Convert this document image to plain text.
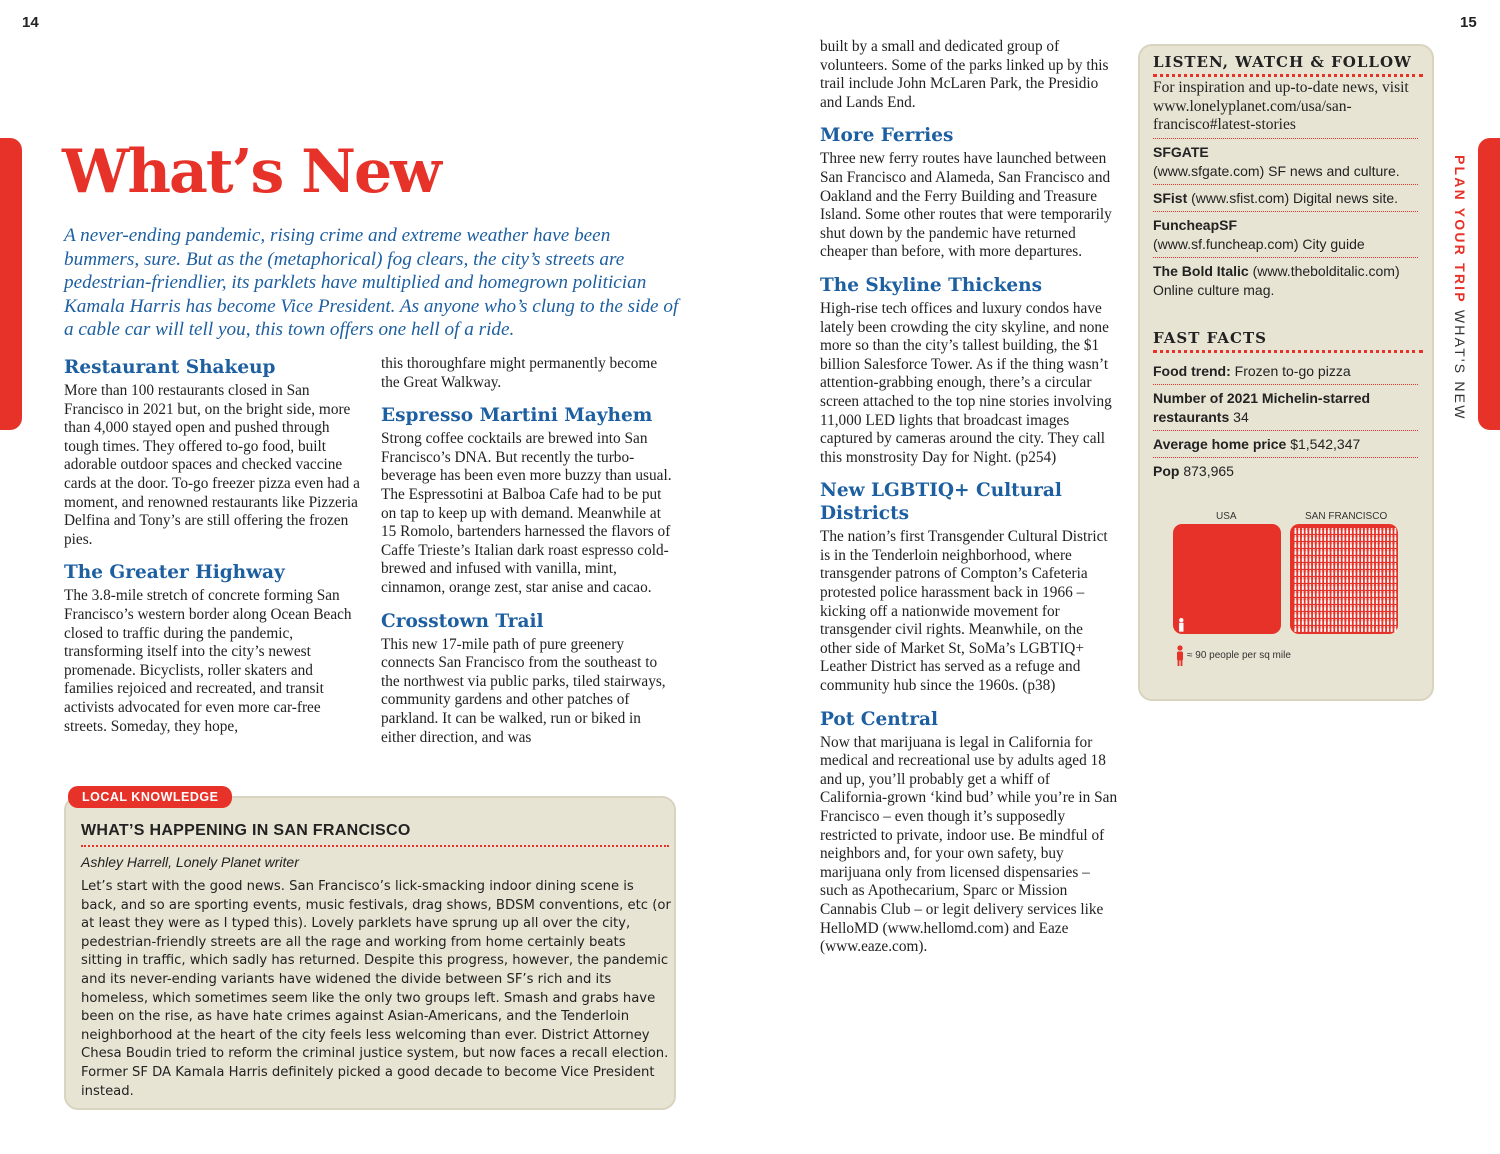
14	15
PLAN YOUR TRIP WHAT'S NEW
What’s New

A never-ending pandemic, rising crime and extreme weather have been bummers, sure. But as the (metaphorical) fog clears, the city’s streets are pedestrian-friendlier, its parklets have multiplied and homegrown politician Kamala Harris has become Vice President. As anyone who’s clung to the side of a cable car will tell you, this town offers one hell of a ride.

Restaurant Shakeup

More than 100 restaurants closed in San Francisco in 2021 but, on the bright side, more than 4,000 stayed open and pushed through tough times. They offered to-go food, built adorable outdoor spaces and checked vaccine cards at the door. To-go freezer pizza even had a moment, and renowned restaurants like Pizzeria Delfina and Tony’s are still offering the frozen pies.

The Greater Highway

The 3.8-mile stretch of concrete forming San Francisco’s western border along Ocean Beach closed to traffic during the pandemic, transforming itself into the city’s newest promenade. Bicyclists, roller skaters and families rejoiced and recreated, and transit activists advocated for even more car-free streets. Someday, they hope,

this thoroughfare might permanently become the Great Walkway.

Espresso Martini Mayhem

Strong coffee cocktails are brewed into San Francisco’s DNA. But recently the turbo-beverage has been even more buzzy than usual. The Espressotini at Balboa Cafe had to be put on tap to keep up with demand. Meanwhile at 15 Romolo, bartenders harnessed the flavors of Caffe Trieste’s Italian dark roast espresso cold-brewed and infused with vanilla, mint, cinnamon, orange zest, star anise and cacao.

Crosstown Trail

This new 17-mile path of pure greenery connects San Francisco from the southeast to the northwest via public parks, tiled stairways, community gardens and other patches of parkland. It can be walked, run or biked in either direction, and was

LOCAL KNOWLEDGE
WHAT’S HAPPENING IN SAN FRANCISCO
Ashley Harrell, Lonely Planet writer

Let’s start with the good news. San Francisco’s lick-smacking indoor dining scene is back, and so are sporting events, music festivals, drag shows, BDSM conventions, etc (or at least they were as I typed this). Lovely parklets have sprung up all over the city, pedestrian-friendly streets are all the rage and working from home certainly beats sitting in traffic, which sadly has returned. Despite this progress, however, the pandemic and its never-ending variants have widened the divide between SF’s rich and its homeless, which sometimes seem like the only two groups left. Smash and grabs have been on the rise, as have hate crimes against Asian-Americans, and the Tenderloin neighborhood at the heart of the city feels less welcoming than ever. District Attorney Chesa Boudin tried to reform the criminal justice system, but now faces a recall election. Former SF DA Kamala Harris definitely picked a good decade to become Vice President instead.

built by a small and dedicated group of volunteers. Some of the parks linked up by this trail include John McLaren Park, the Presidio and Lands End.

More Ferries

Three new ferry routes have launched between San Francisco and Alameda, San Francisco and Oakland and the Ferry Building and Treasure Island. Some other routes that were temporarily shut down by the pandemic have returned cheaper than before, with more departures.

The Skyline Thickens

High-rise tech offices and luxury condos have lately been crowding the city skyline, and none more so than the city’s tallest building, the $1 billion Salesforce Tower. As if the thing wasn’t attention-grabbing enough, there’s a circular screen attached to the top nine stories involving 11,000 LED lights that broadcast images captured by cameras around the city. They call this monstrosity Day for Night. (p254)

New LGBTIQ+ Cultural Districts

The nation’s first Transgender Cultural District is in the Tenderloin neighborhood, where transgender patrons of Compton’s Cafeteria protested police harassment back in 1966 – kicking off a nationwide movement for transgender civil rights. Meanwhile, on the other side of Market St, SoMa’s LGBTIQ+ Leather District has served as a refuge and community hub since the 1960s. (p38)

Pot Central

Now that marijuana is legal in California for medical and recreational use by adults aged 18 and up, you’ll probably get a whiff of California-grown ‘kind bud’ while you’re in San Francisco – even though it’s supposedly restricted to private, indoor use. Be mindful of neighbors and, for your own safety, buy marijuana only from licensed dispensaries – such as Apothecarium, Sparc or Mission Cannabis Club – or legit delivery services like HelloMD (www.hellomd.com) and Eaze (www.eaze.com).

LISTEN, WATCH & FOLLOW
For inspiration and up-to-date news, visit www.lonelyplanet.com/usa/san-francisco#latest-stories
SFGATE
(www.sfgate.com) SF news and culture.
SFist (www.sfist.com) Digital news site.
FuncheapSF
(www.sf.funcheap.com) City guide
The Bold Italic (www.thebolditalic.com) Online culture mag.
FAST FACTS
Food trend: Frozen to-go pizza
Number of 2021 Michelin-starred restaurants 34
Average home price $1,542,347
Pop 873,965
USA	SAN FRANCISCO
≈ 90 people per sq mile
